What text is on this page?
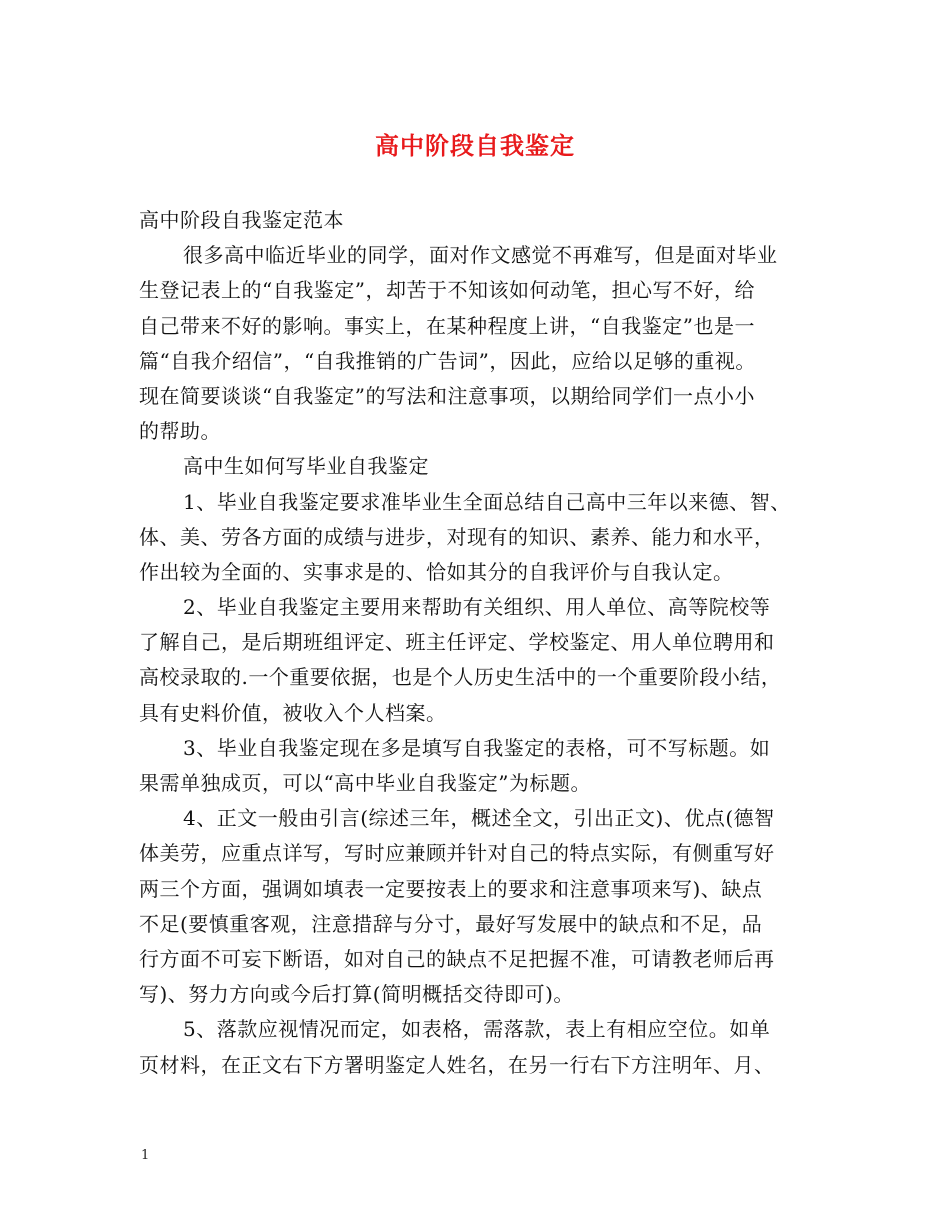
高中阶段自我鉴定
高中阶段自我鉴定范本
很多高中临近毕业的同学，面对作文感觉不再难写，但是面对毕业
生登记表上的“自我鉴定”，却苦于不知该如何动笔，担心写不好，给
自己带来不好的影响。事实上，在某种程度上讲，“自我鉴定”也是一
篇“自我介绍信”，“自我推销的广告词”，因此，应给以足够的重视。
现在简要谈谈“自我鉴定”的写法和注意事项，以期给同学们一点小小
的帮助。
高中生如何写毕业自我鉴定
1、毕业自我鉴定要求准毕业生全面总结自己高中三年以来德、智、
体、美、劳各方面的成绩与进步，对现有的知识、素养、能力和水平，
作出较为全面的、实事求是的、恰如其分的自我评价与自我认定。
2、毕业自我鉴定主要用来帮助有关组织、用人单位、高等院校等
了解自己，是后期班组评定、班主任评定、学校鉴定、用人单位聘用和
高校录取的.一个重要依据，也是个人历史生活中的一个重要阶段小结，
具有史料价值，被收入个人档案。
3、毕业自我鉴定现在多是填写自我鉴定的表格，可不写标题。如
果需单独成页，可以“高中毕业自我鉴定”为标题。
4、正文一般由引言(综述三年，概述全文，引出正文)、优点(德智
体美劳，应重点详写，写时应兼顾并针对自己的特点实际，有侧重写好
两三个方面，强调如填表一定要按表上的要求和注意事项来写)、缺点
不足(要慎重客观，注意措辞与分寸，最好写发展中的缺点和不足，品
行方面不可妄下断语，如对自己的缺点不足把握不准，可请教老师后再
写)、努力方向或今后打算(简明概括交待即可)。
5、落款应视情况而定，如表格，需落款，表上有相应空位。如单
页材料，在正文右下方署明鉴定人姓名，在另一行右下方注明年、月、
1
